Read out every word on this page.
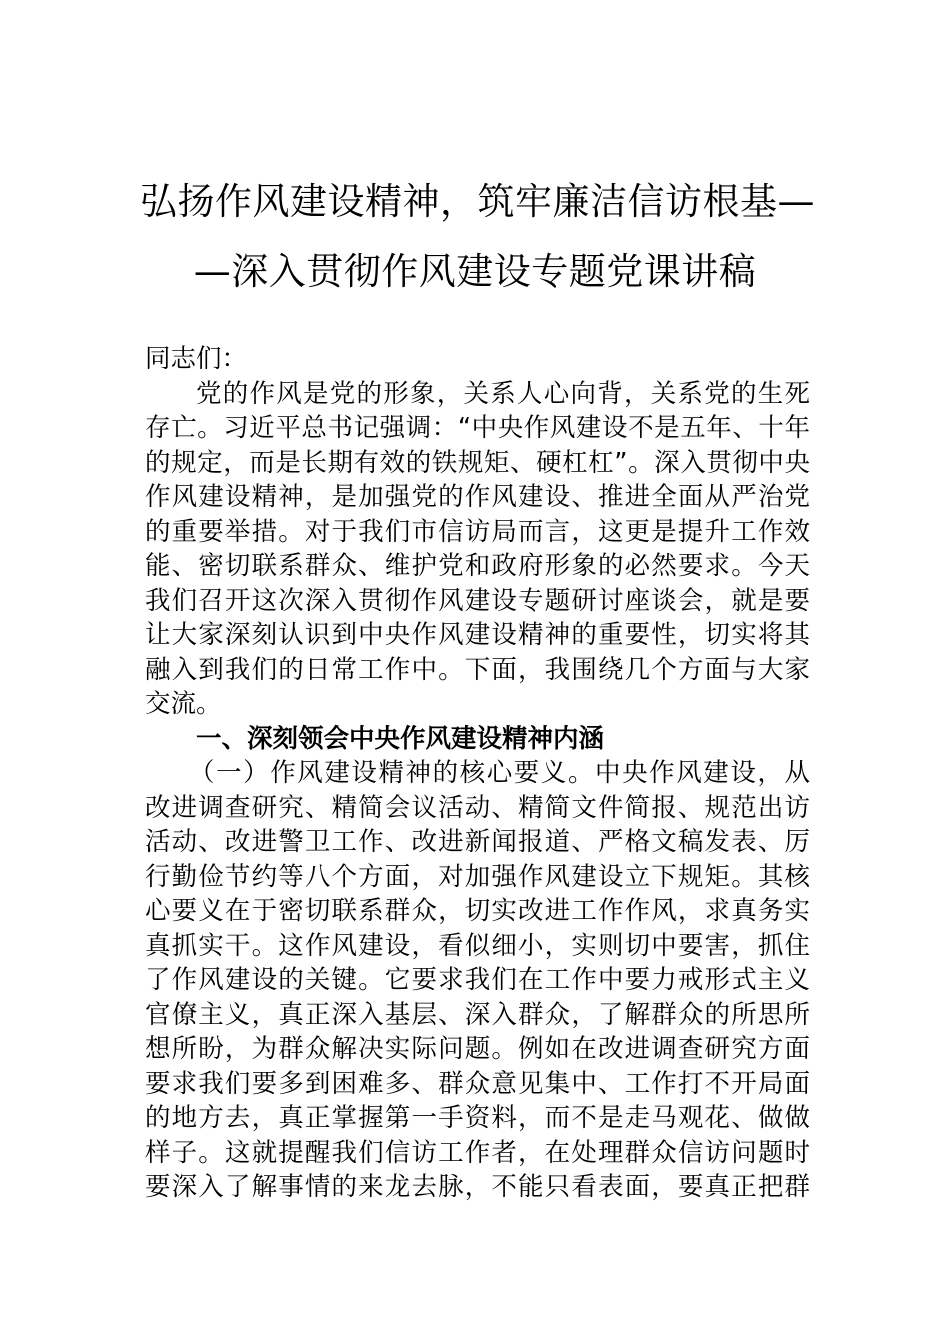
弘扬作风建设精神，筑牢廉洁信访根基—
—深入贯彻作风建设专题党课讲稿
同志们：
党的作风是党的形象，关系人心向背，关系党的生死
存亡。习近平总书记强调：“中央作风建设不是五年、十年
的规定，而是长期有效的铁规矩、硬杠杠”。深入贯彻中央
作风建设精神，是加强党的作风建设、推进全面从严治党
的重要举措。对于我们市信访局而言，这更是提升工作效
能、密切联系群众、维护党和政府形象的必然要求。今天
我们召开这次深入贯彻作风建设专题研讨座谈会，就是要
让大家深刻认识到中央作风建设精神的重要性，切实将其
融入到我们的日常工作中。下面，我围绕几个方面与大家
交流。
一、深刻领会中央作风建设精神内涵
（一）作风建设精神的核心要义。中央作风建设，从
改进调查研究、精简会议活动、精简文件简报、规范出访
活动、改进警卫工作、改进新闻报道、严格文稿发表、厉
行勤俭节约等八个方面，对加强作风建设立下规矩。其核
心要义在于密切联系群众，切实改进工作作风，求真务实
真抓实干。这作风建设，看似细小，实则切中要害，抓住
了作风建设的关键。它要求我们在工作中要力戒形式主义
官僚主义，真正深入基层、深入群众，了解群众的所思所
想所盼，为群众解决实际问题。例如在改进调查研究方面
要求我们要多到困难多、群众意见集中、工作打不开局面
的地方去，真正掌握第一手资料，而不是走马观花、做做
样子。这就提醒我们信访工作者，在处理群众信访问题时
要深入了解事情的来龙去脉，不能只看表面，要真正把群
